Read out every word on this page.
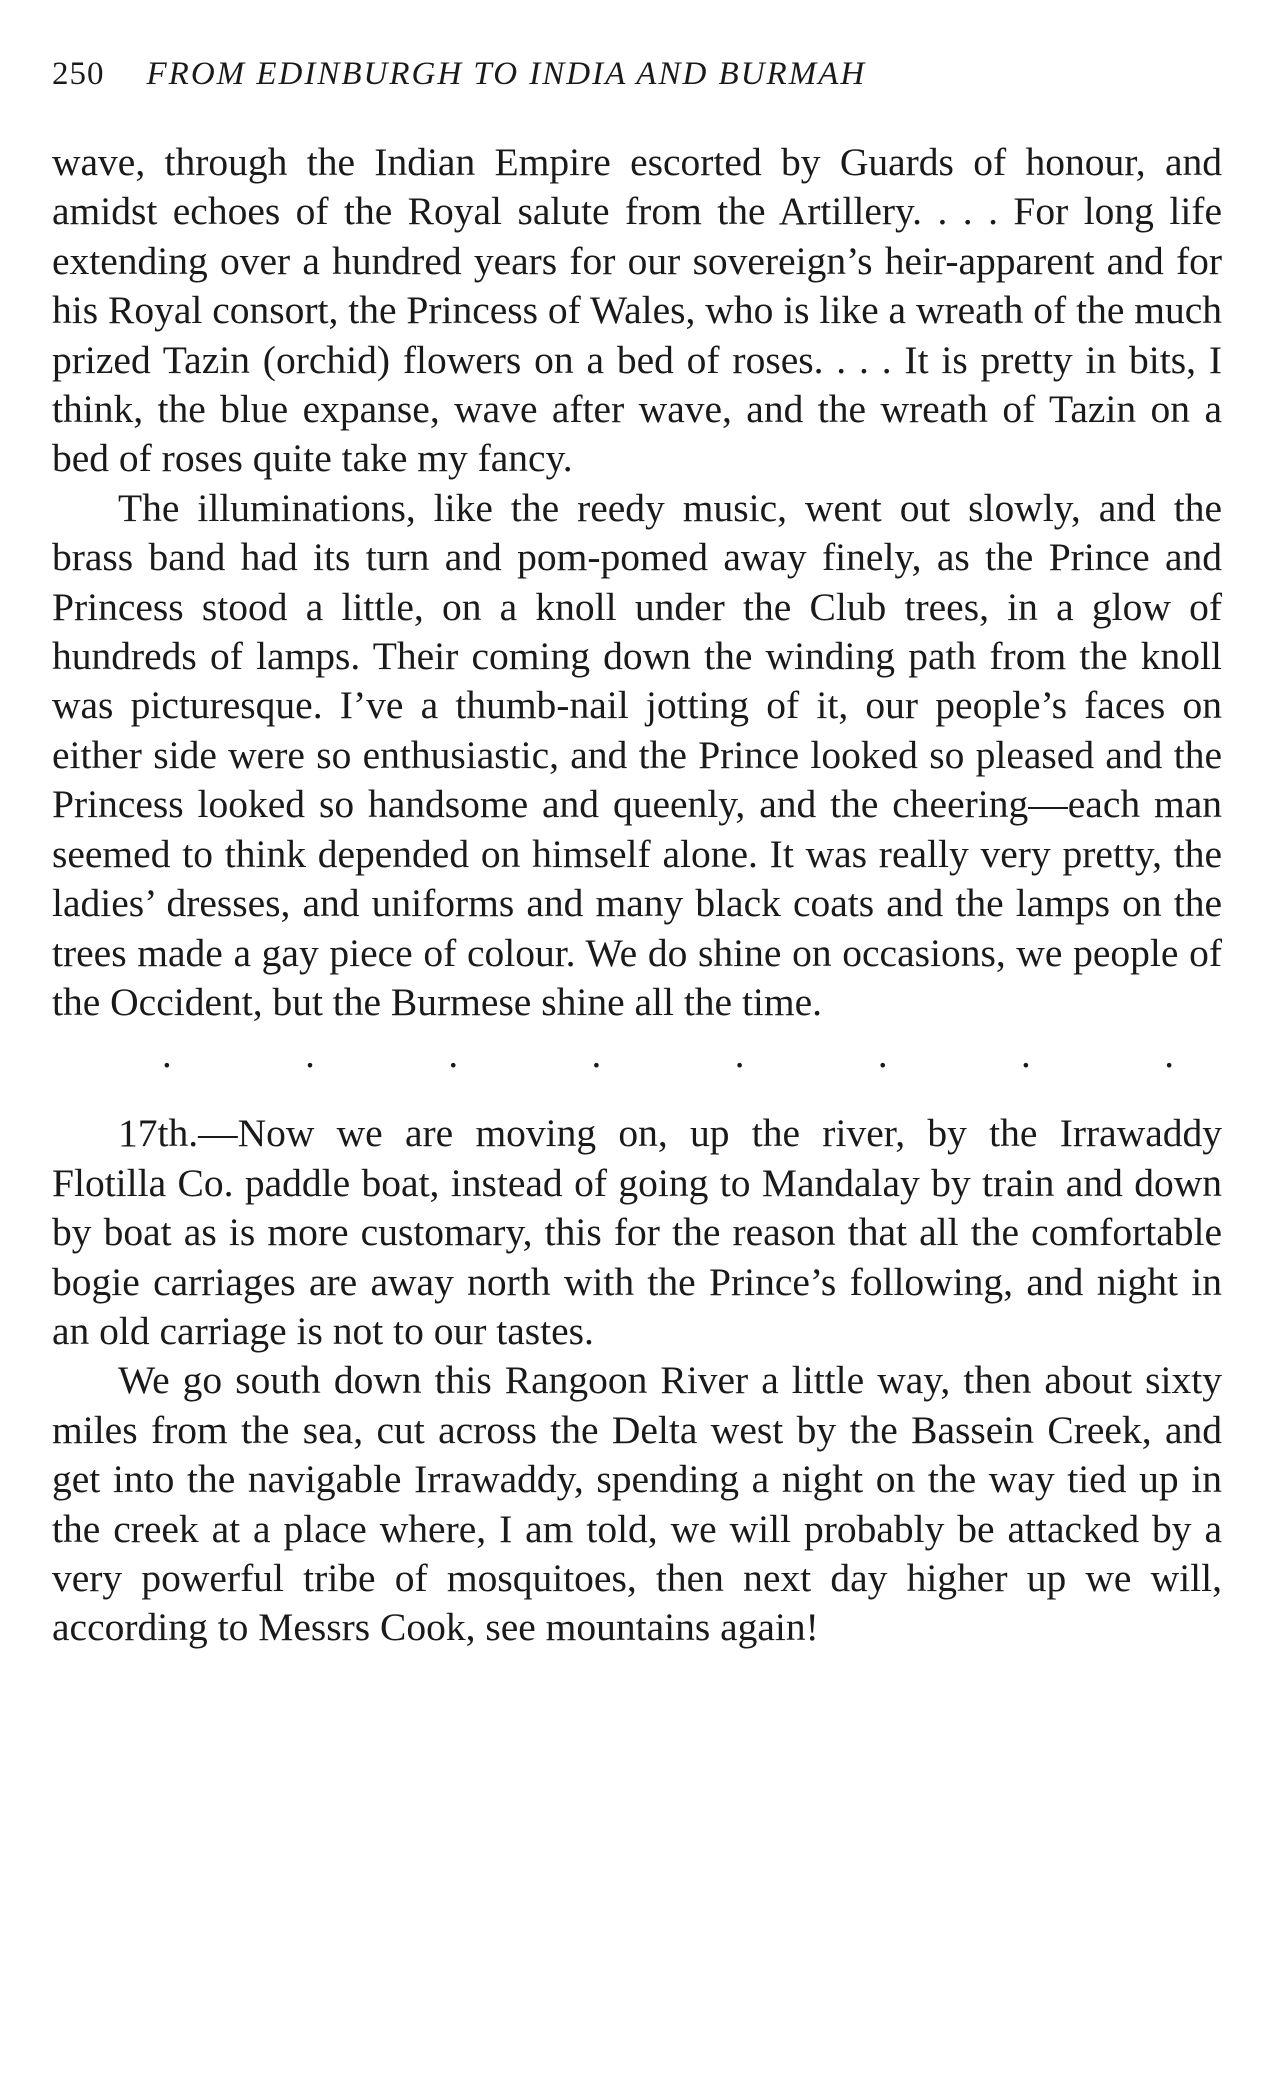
250 FROM EDINBURGH TO INDIA AND BURMAH

wave, through the Indian Empire escorted by Guards of honour, and amidst echoes of the Royal salute from the Artillery. . . . For long life extending over a hundred years for our sovereign’s heir-apparent and for his Royal consort, the Princess of Wales, who is like a wreath of the much prized Tazin (orchid) flowers on a bed of roses. . . . It is pretty in bits, I think, the blue expanse, wave after wave, and the wreath of Tazin on a bed of roses quite take my fancy.

The illuminations, like the reedy music, went out slowly, and the brass band had its turn and pom-pomed away finely, as the Prince and Princess stood a little, on a knoll under the Club trees, in a glow of hundreds of lamps. Their coming down the winding path from the knoll was picturesque. I’ve a thumb-nail jotting of it, our people’s faces on either side were so enthusiastic, and the Prince looked so pleased and the Princess looked so handsome and queenly, and the cheering—each man seemed to think depended on himself alone. It was really very pretty, the ladies’ dresses, and uniforms and many black coats and the lamps on the trees made a gay piece of colour. We do shine on occasions, we people of the Occident, but the Burmese shine all the time.

.	.	.	.	.	.	.	.

17th.—Now we are moving on, up the river, by the Irrawaddy Flotilla Co. paddle boat, instead of going to Mandalay by train and down by boat as is more customary, this for the reason that all the comfortable bogie carriages are away north with the Prince’s following, and night in an old carriage is not to our tastes.

We go south down this Rangoon River a little way, then about sixty miles from the sea, cut across the Delta west by the Bassein Creek, and get into the navigable Irrawaddy, spending a night on the way tied up in the creek at a place where, I am told, we will probably be attacked by a very powerful tribe of mosquitoes, then next day higher up we will, according to Messrs Cook, see mountains again!
